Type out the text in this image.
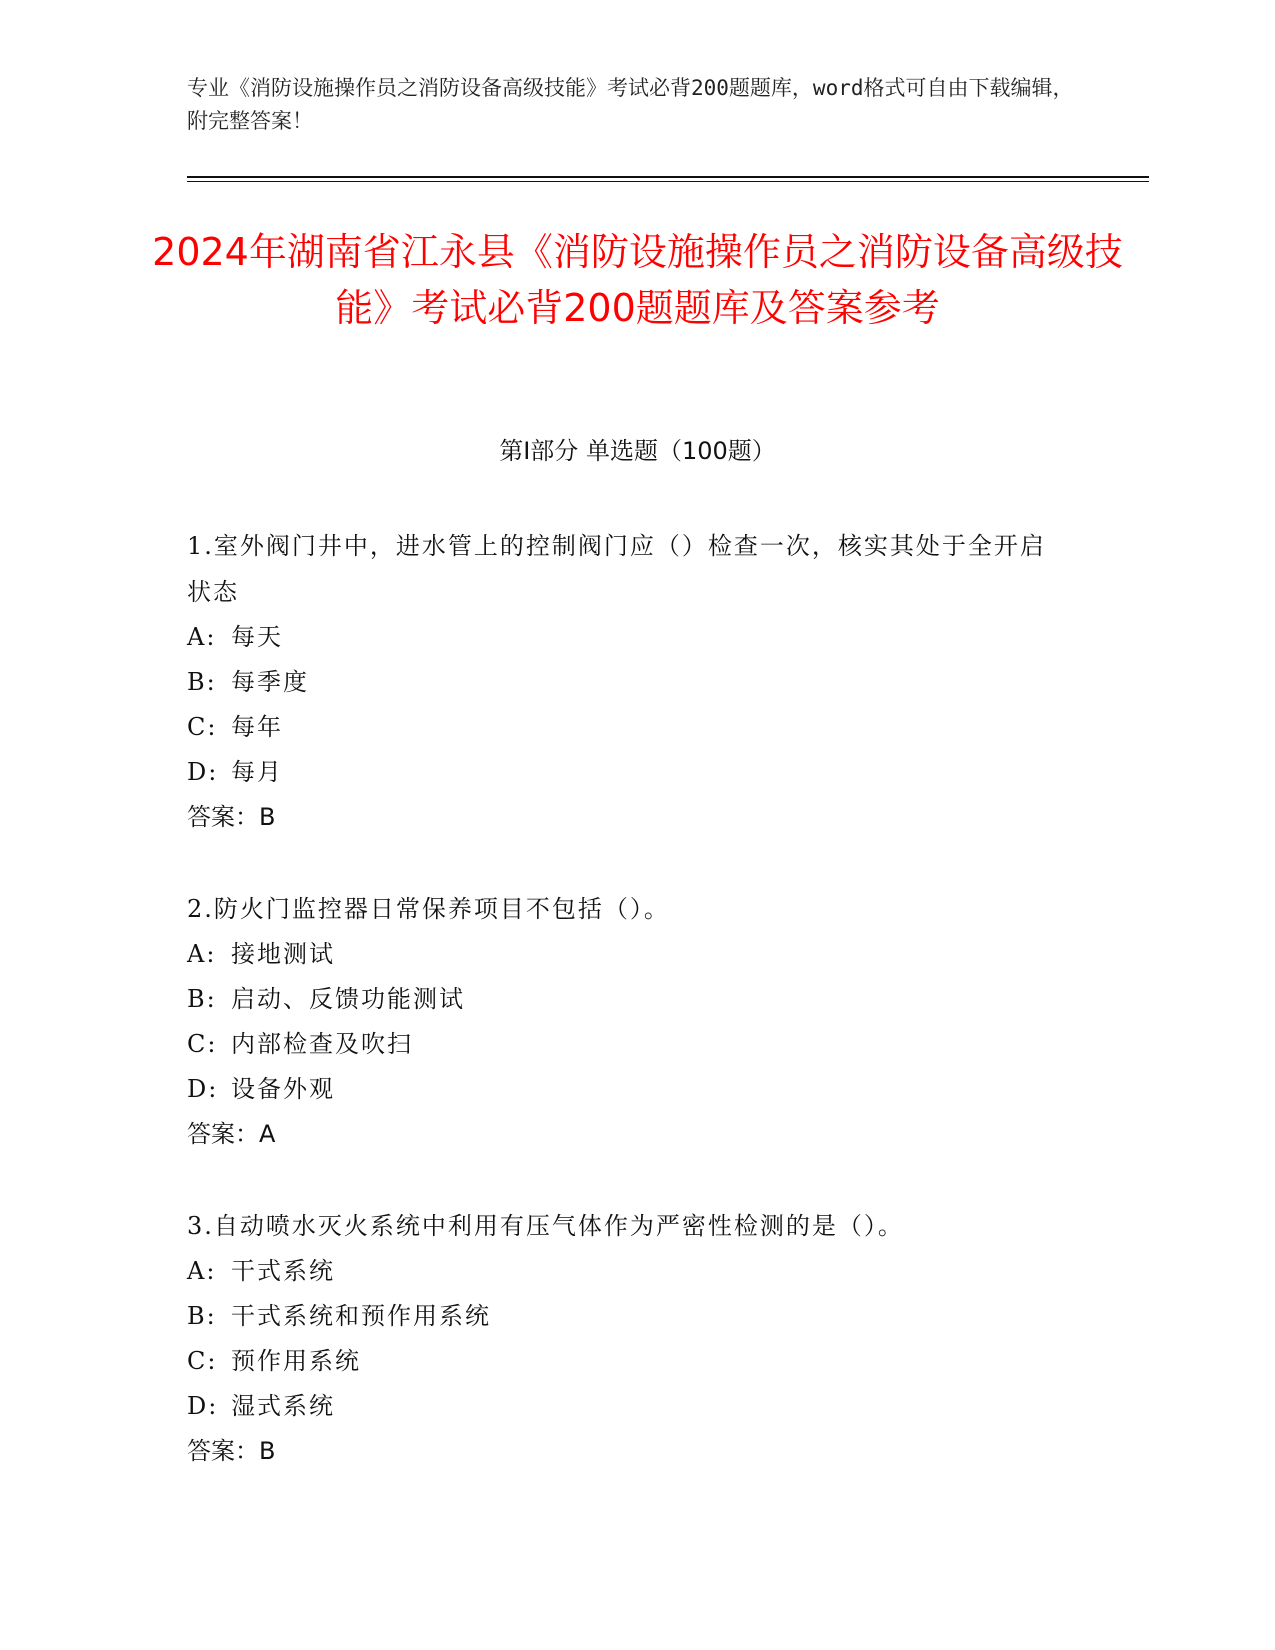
专业《消防设施操作员之消防设备高级技能》考试必背200题题库，word格式可自由下载编辑，附完整答案！
2024年湖南省江永县《消防设施操作员之消防设备高级技能》考试必背200题题库及答案参考
第Ⅰ部分 单选题（100题）
1.室外阀门井中，进水管上的控制阀门应（）检查一次，核实其处于全开启状态
A: 每天
B: 每季度
C: 每年
D: 每月
答案：B
2.防火门监控器日常保养项目不包括（）。
A: 接地测试
B: 启动、反馈功能测试
C: 内部检查及吹扫
D: 设备外观
答案：A
3.自动喷水灭火系统中利用有压气体作为严密性检测的是（）。
A: 干式系统
B: 干式系统和预作用系统
C: 预作用系统
D: 湿式系统
答案：B
